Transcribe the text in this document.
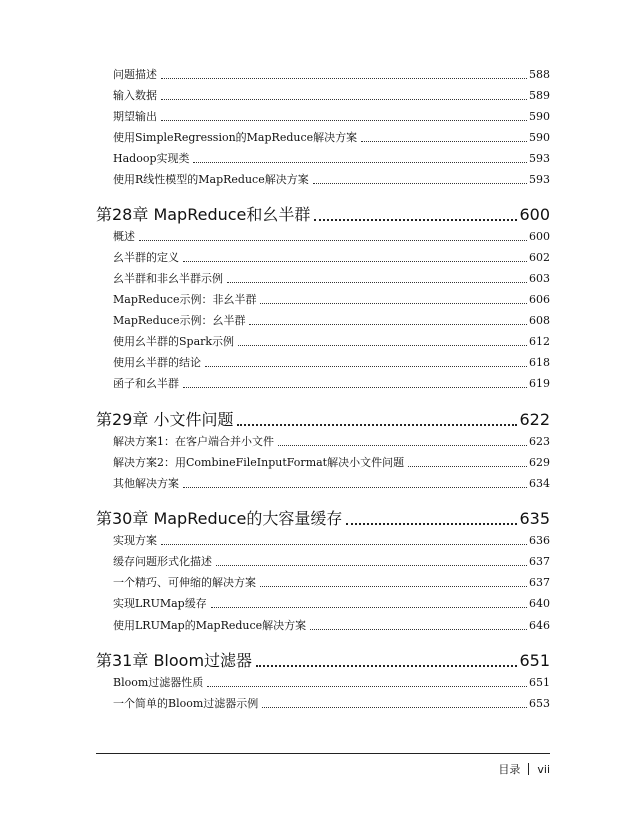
问题描述	588
输入数据	589
期望输出	590
使用SimpleRegression的MapReduce解决方案	590
Hadoop实现类	593
使用R线性模型的MapReduce解决方案	593
第28章 MapReduce和幺半群	600
概述	600
幺半群的定义	602
幺半群和非幺半群示例	603
MapReduce示例：非幺半群	606
MapReduce示例：幺半群	608
使用幺半群的Spark示例	612
使用幺半群的结论	618
函子和幺半群	619
第29章 小文件问题	622
解决方案1：在客户端合并小文件	623
解决方案2：用CombineFileInputFormat解决小文件问题	629
其他解决方案	634
第30章 MapReduce的大容量缓存	635
实现方案	636
缓存问题形式化描述	637
一个精巧、可伸缩的解决方案	637
实现LRUMap缓存	640
使用LRUMap的MapReduce解决方案	646
第31章 Bloom过滤器	651
Bloom过滤器性质	651
一个简单的Bloom过滤器示例	653
目录 vii
